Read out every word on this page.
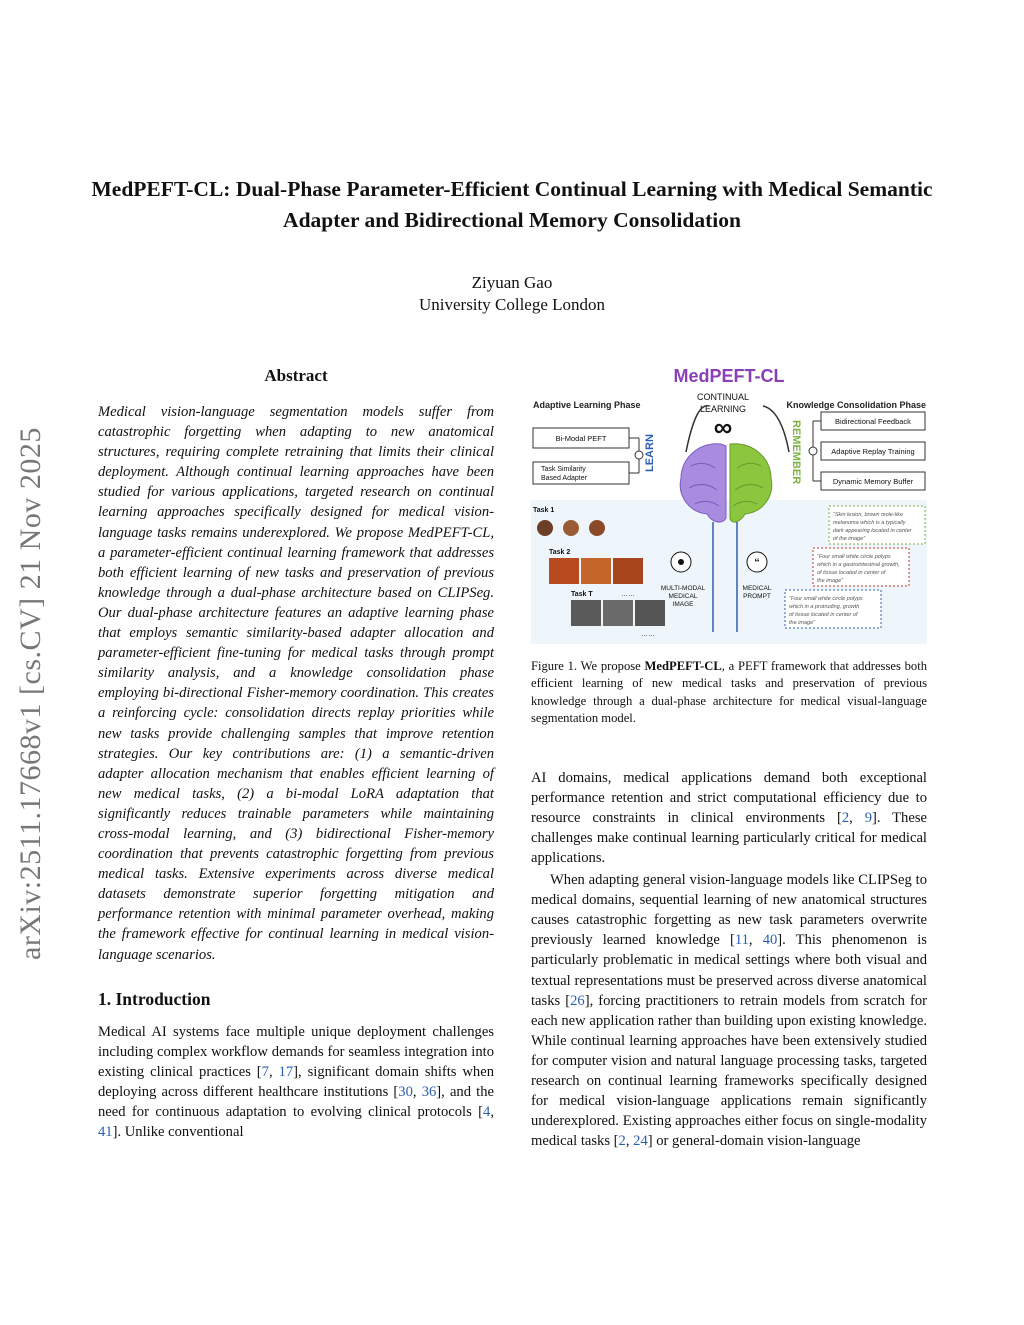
arXiv:2511.17668v1 [cs.CV] 21 Nov 2025
MedPEFT-CL: Dual-Phase Parameter-Efficient Continual Learning with Medical Semantic Adapter and Bidirectional Memory Consolidation
Ziyuan Gao
University College London
Abstract

Medical vision-language segmentation models suffer from catastrophic forgetting when adapting to new anatomical structures, requiring complete retraining that limits their clinical deployment. Although continual learning approaches have been studied for various applications, targeted research on continual learning approaches specifically designed for medical vision-language tasks remains underexplored. We propose MedPEFT-CL, a parameter-efficient continual learning framework that addresses both efficient learning of new tasks and preservation of previous knowledge through a dual-phase architecture based on CLIPSeg. Our dual-phase architecture features an adaptive learning phase that employs semantic similarity-based adapter allocation and parameter-efficient fine-tuning for medical tasks through prompt similarity analysis, and a knowledge consolidation phase employing bi-directional Fisher-memory coordination. This creates a reinforcing cycle: consolidation directs replay priorities while new tasks provide challenging samples that improve retention strategies. Our key contributions are: (1) a semantic-driven adapter allocation mechanism that enables efficient learning of new medical tasks, (2) a bi-modal LoRA adaptation that significantly reduces trainable parameters while maintaining cross-modal learning, and (3) bidirectional Fisher-memory coordination that prevents catastrophic forgetting from previous medical tasks. Extensive experiments across diverse medical datasets demonstrate superior forgetting mitigation and performance retention with minimal parameter overhead, making the framework effective for continual learning in medical vision-language scenarios.

1. Introduction

Medical AI systems face multiple unique deployment challenges including complex workflow demands for seamless integration into existing clinical practices [7, 17], significant domain shifts when deploying across different healthcare institutions [30, 36], and the need for continuous adaptation to evolving clinical protocols [4, 41]. Unlike conventional

MedPEFT-CL
Adaptive Learning Phase	Knowledge Consolidation Phase
CONTINUAL
LEARNING
∞
LEARN	REMEMBER
Bi-Modal PEFT
Task Similarity
Based Adapter
Bidirectional Feedback
Adaptive Replay Training
Dynamic Memory Buffer
Task 1
Task 2
Task T	……
……
MULTI-MODAL
MEDICAL
IMAGE
“
MEDICAL
PROMPT
“Skin lesion, brown mole-like
melanoma which is a typically
dark appearing located in center
of the image”
“Four small white circle polyps
which in a gastrointestinal growth,
of tissue located in center of
the image”
“Four small white circle polyps
which in a protruding, growth
of tissue located in center of
the image”

Figure 1. We propose MedPEFT-CL, a PEFT framework that addresses both efficient learning of new medical tasks and preservation of previous knowledge through a dual-phase architecture for medical visual-language segmentation model.

AI domains, medical applications demand both exceptional performance retention and strict computational efficiency due to resource constraints in clinical environments [2, 9]. These challenges make continual learning particularly critical for medical applications.

When adapting general vision-language models like CLIPSeg to medical domains, sequential learning of new anatomical structures causes catastrophic forgetting as new task parameters overwrite previously learned knowledge [11, 40]. This phenomenon is particularly problematic in medical settings where both visual and textual representations must be preserved across diverse anatomical tasks [26], forcing practitioners to retrain models from scratch for each new application rather than building upon existing knowledge. While continual learning approaches have been extensively studied for computer vision and natural language processing tasks, targeted research on continual learning frameworks specifically designed for medical vision-language applications remain significantly underexplored. Existing approaches either focus on single-modality medical tasks [2, 24] or general-domain vision-language
